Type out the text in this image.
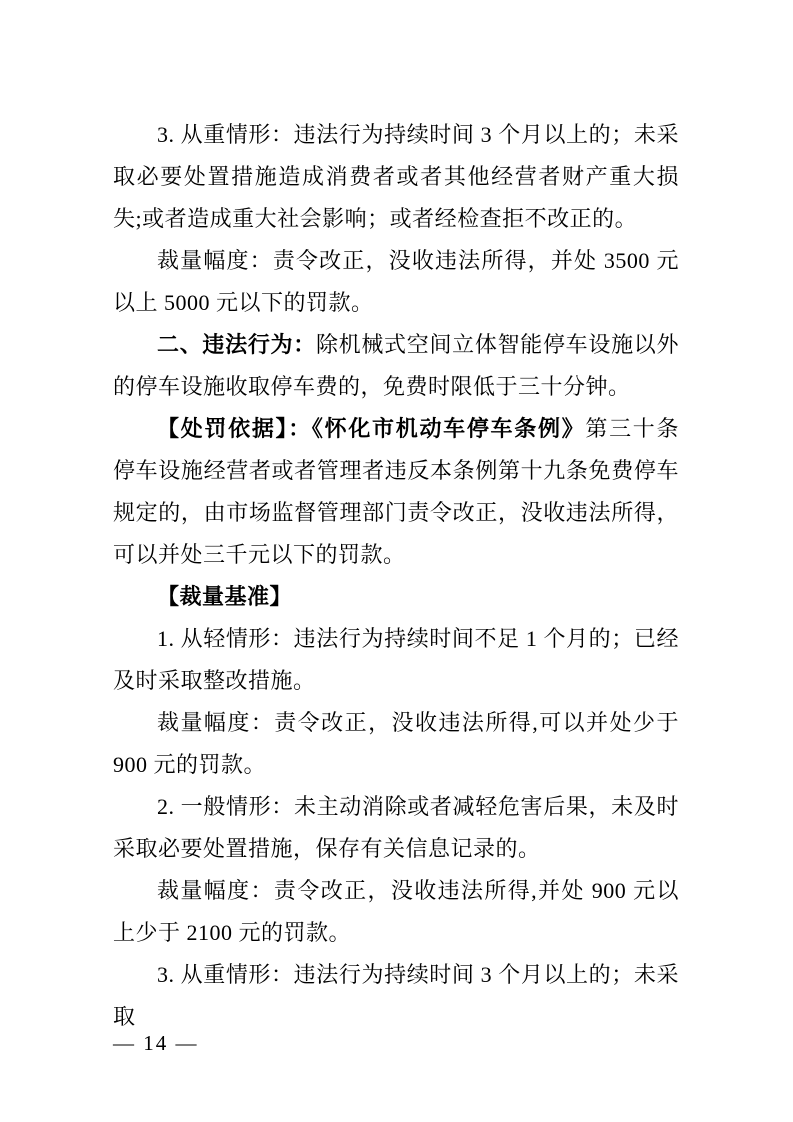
3. 从重情形：违法行为持续时间 3 个月以上的；未采取必要处置措施造成消费者或者其他经营者财产重大损失;或者造成重大社会影响；或者经检查拒不改正的。

裁量幅度：责令改正，没收违法所得，并处 3500 元以上 5000 元以下的罚款。

二、违法行为：除机械式空间立体智能停车设施以外的停车设施收取停车费的，免费时限低于三十分钟。

【处罚依据】：《怀化市机动车停车条例》第三十条　停车设施经营者或者管理者违反本条例第十九条免费停车规定的，由市场监督管理部门责令改正，没收违法所得，可以并处三千元以下的罚款。

【裁量基准】

1. 从轻情形：违法行为持续时间不足 1 个月的；已经及时采取整改措施。

裁量幅度：责令改正，没收违法所得,可以并处少于 900 元的罚款。

2. 一般情形：未主动消除或者减轻危害后果，未及时采取必要处置措施，保存有关信息记录的。

裁量幅度：责令改正，没收违法所得,并处 900 元以上少于 2100 元的罚款。

3. 从重情形：违法行为持续时间 3 个月以上的；未采取

— 14 —
